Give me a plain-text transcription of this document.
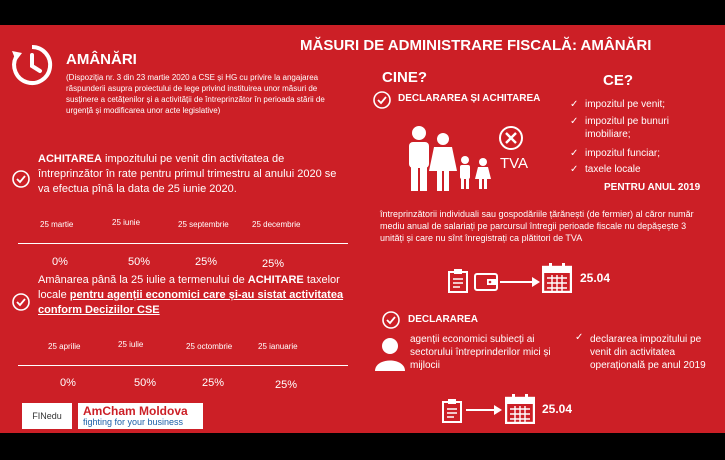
MĂSURI DE ADMINISTRARE FISCALĂ: AMÂNĂRI
AMÂNĂRI
(Dispoziția nr. 3 din 23 martie 2020 a CSE și HG cu privire la angajarea răspunderii asupra proiectului de lege privind instituirea unor măsuri de susținere a cetățenilor și a activității de întreprinzător în perioada stării de urgență și modificarea unor acte legislative)
ACHITAREA impozitului pe venit din activitatea de întreprinzător în rate pentru primul trimestru al anului 2020 se va efectua pînă la data de 25 iunie 2020.
25 martie	25 iunie	25 septembrie	25 decembrie
0%	50%	25%	25%
Amânarea până la 25 iulie a termenului de ACHITARE taxelor locale pentru agenții economici care și-au sistat activitatea conform Deciziilor CSE
25 aprilie	25 iulie	25 octombrie	25 ianuarie
0%	50%	25%	25%
FINedu	AmCham Moldova
fighting for your business
CINE?	CE?
DECLARAREA ȘI ACHITAREA
✓ impozitul pe venit;
✓ impozitul pe bunuri imobiliare;
✓ impozitul funciar;
✓ taxele locale
PENTRU ANUL 2019
TVA
întreprinzătorii individuali sau gospodăriile țărănești (de fermier) al căror număr mediu anual de salariați pe parcursul întregii perioade fiscale nu depășește 3 unități și care nu sînt înregistrați ca plătitori de TVA
25.04
DECLARAREA
agenții economici subiecți ai sectorului întreprinderilor mici și mijlocii
✓ declararea impozitului pe venit din activitatea operațională pe anul 2019
25.04
